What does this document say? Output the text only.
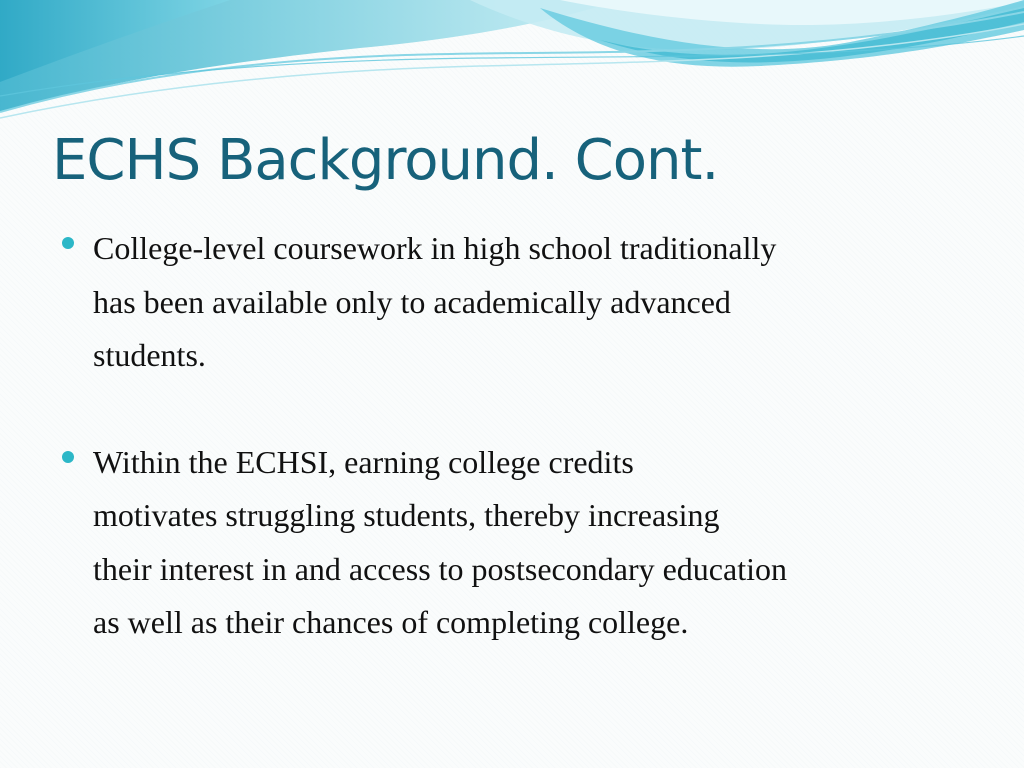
ECHS Background. Cont.
College-level coursework in high school traditionally
has been available only to academically advanced
students.
Within the ECHSI, earning college credits
motivates struggling students, thereby increasing
their interest in and access to postsecondary education
as well as their chances of completing college.
